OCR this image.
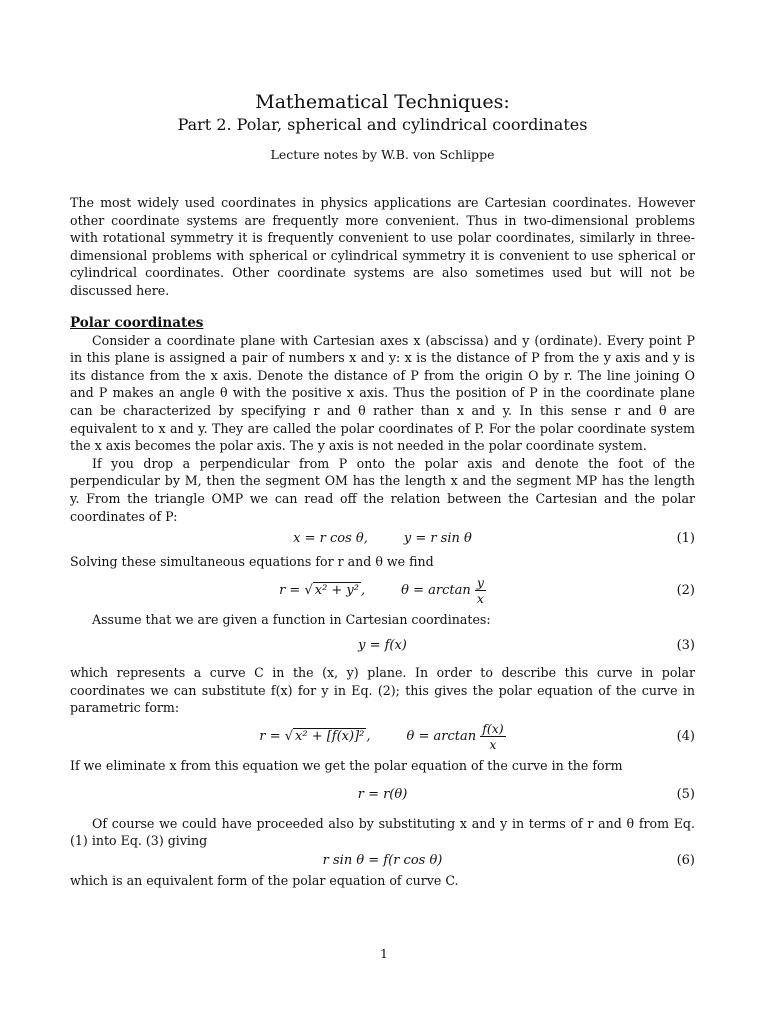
Mathematical Techniques:
Part 2. Polar, spherical and cylindrical coordinates
Lecture notes by W.B. von Schlippe

The most widely used coordinates in physics applications are Cartesian coordinates. However other coordinate systems are frequently more convenient. Thus in two-dimensional problems with rotational symmetry it is frequently convenient to use polar coordinates, similarly in three-dimensional problems with spherical or cylindrical symmetry it is convenient to use spherical or cylindrical coordinates. Other coordinate systems are also sometimes used but will not be discussed here.

Polar coordinates

Consider a coordinate plane with Cartesian axes x (abscissa) and y (ordinate). Every point P in this plane is assigned a pair of numbers x and y: x is the distance of P from the y axis and y is its distance from the x axis. Denote the distance of P from the origin O by r. The line joining O and P makes an angle θ with the positive x axis. Thus the position of P in the coordinate plane can be characterized by specifying r and θ rather than x and y. In this sense r and θ are equivalent to x and y. They are called the polar coordinates of P. For the polar coordinate system the x axis becomes the polar axis. The y axis is not needed in the polar coordinate system.

If you drop a perpendicular from P onto the polar axis and denote the foot of the perpendicular by M, then the segment OM has the length x and the segment MP has the length y. From the triangle OMP we can read off the relation between the Cartesian and the polar coordinates of P:

x = r cos θ,	y = r sin θ	(1)

Solving these simultaneous equations for r and θ we find

r = √ x² + y² ,	$\theta = \arctan \frac{y}{x}$	(2)

Assume that we are given a function in Cartesian coordinates:

y = f(x)	(3)

which represents a curve C in the (x, y) plane. In order to describe this curve in polar coordinates we can substitute f(x) for y in Eq. (2); this gives the polar equation of the curve in parametric form:

r = √ x² + [f(x)]² ,	$\theta = \arctan \frac{f(x)}{x}$	(4)

If we eliminate x from this equation we get the polar equation of the curve in the form

r = r(θ)	(5)

Of course we could have proceeded also by substituting x and y in terms of r and θ from Eq. (1) into Eq. (3) giving

r sin θ = f(r cos θ)	(6)

which is an equivalent form of the polar equation of curve C.

1
